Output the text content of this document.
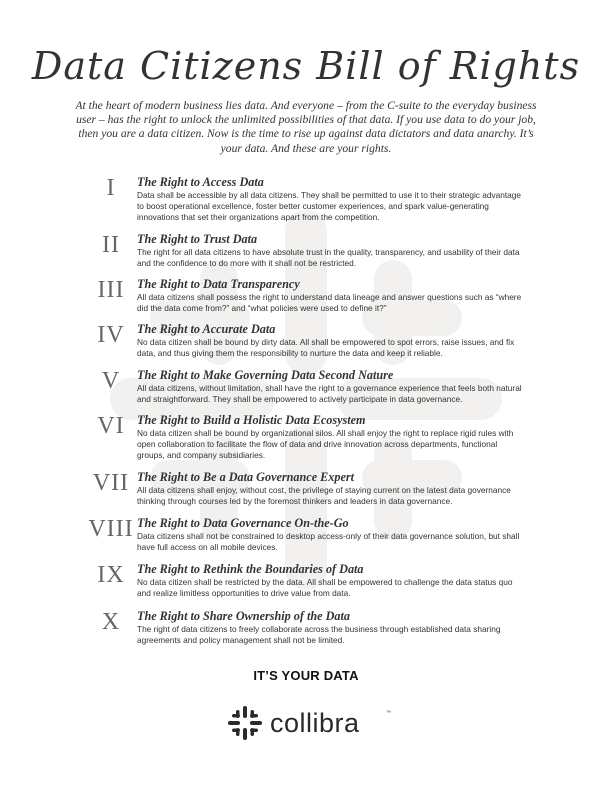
Data Citizens Bill of Rights
At the heart of modern business lies data. And everyone – from the C-suite to the everyday business user – has the right to unlock the unlimited possibilities of that data. If you use data to do your job, then you are a data citizen. Now is the time to rise up against data dictators and data anarchy. It’s your data. And these are your rights.
I	The Right to Access Data
Data shall be accessible by all data citizens. They shall be permitted to use it to their strategic advantage to boost operational excellence, foster better customer experiences, and spark value-generating innovations that set their organizations apart from the competition.
II	The Right to Trust Data
The right for all data citizens to have absolute trust in the quality, transparency, and usability of their data and the confidence to do more with it shall not be restricted.
III	The Right to Data Transparency
All data citizens shall possess the right to understand data lineage and answer questions such as “where did the data come from?” and “what policies were used to define it?”
IV	The Right to Accurate Data
No data citizen shall be bound by dirty data. All shall be empowered to spot errors, raise issues, and fix data, and thus giving them the responsibility to nurture the data and keep it reliable.
V	The Right to Make Governing Data Second Nature
All data citizens, without limitation, shall have the right to a governance experience that feels both natural and straightforward. They shall be empowered to actively participate in data governance.
VI	The Right to Build a Holistic Data Ecosystem
No data citizen shall be bound by organizational silos. All shall enjoy the right to replace rigid rules with open collaboration to facilitate the flow of data and drive innovation across departments, functional groups, and company subsidiaries.
VII The Right to Be a Data Governance Expert
All data citizens shall enjoy, without cost, the privilege of staying current on the latest data governance thinking through courses led by the foremost thinkers and leaders in data governance.
VIII The Right to Data Governance On-the-Go
Data citizens shall not be constrained to desktop access-only of their data governance solution, but shall have full access on all mobile devices.
IX	The Right to Rethink the Boundaries of Data
No data citizen shall be restricted by the data. All shall be empowered to challenge the data status quo and realize limitless opportunities to drive value from data.
X	The Right to Share Ownership of the Data
The right of data citizens to freely collaborate across the business through established data sharing agreements and policy management shall not be limited.
IT’S YOUR DATA
collibra	™
